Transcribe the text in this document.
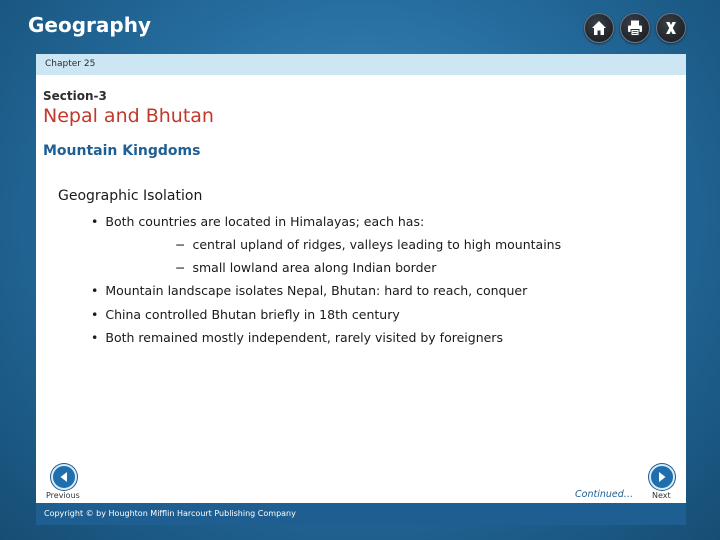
Geography
Chapter 25
Section-3
Nepal and Bhutan
Mountain Kingdoms
Geographic Isolation
• Both countries are located in Himalayas; each has:
− central upland of ridges, valleys leading to high mountains
− small lowland area along Indian border
• Mountain landscape isolates Nepal, Bhutan: hard to reach, conquer
• China controlled Bhutan briefly in 18th century
• Both remained mostly independent, rarely visited by foreigners
Previous	Continued… Next
Copyright © by Houghton Mifflin Harcourt Publishing Company
